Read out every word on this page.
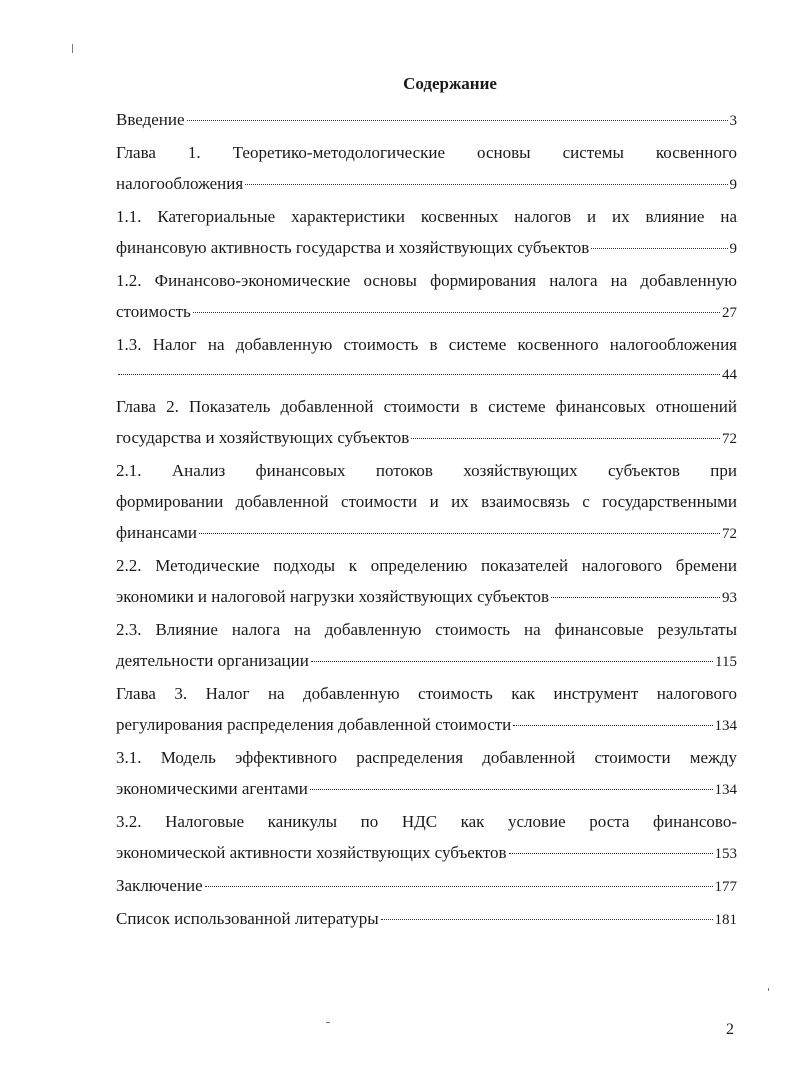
Содержание
Введение	3
Глава 1. Теоретико-методологические основы системы косвенного
налогообложения	9
1.1. Категориальные характеристики косвенных налогов и их влияние на
финансовую активность государства и хозяйствующих субъектов	9
1.2. Финансово-экономические основы формирования налога на добавленную
стоимость	27
1.3. Налог на добавленную стоимость в системе косвенного налогообложения
44
Глава 2. Показатель добавленной стоимости в системе финансовых отношений
государства и хозяйствующих субъектов	72
2.1. Анализ финансовых потоков хозяйствующих субъектов при
формировании добавленной стоимости и их взаимосвязь с государственными
финансами	72
2.2. Методические подходы к определению показателей налогового бремени
экономики и налоговой нагрузки хозяйствующих субъектов	93
2.3. Влияние налога на добавленную стоимость на финансовые результаты
деятельности организации	115
Глава 3. Налог на добавленную стоимость как инструмент налогового
регулирования распределения добавленной стоимости	134
3.1. Модель эффективного распределения добавленной стоимости между
экономическими агентами	134
3.2. Налоговые каникулы по НДС как условие роста финансово-
экономической активности хозяйствующих субъектов	153
Заключение	177
Список использованной литературы	181
2
